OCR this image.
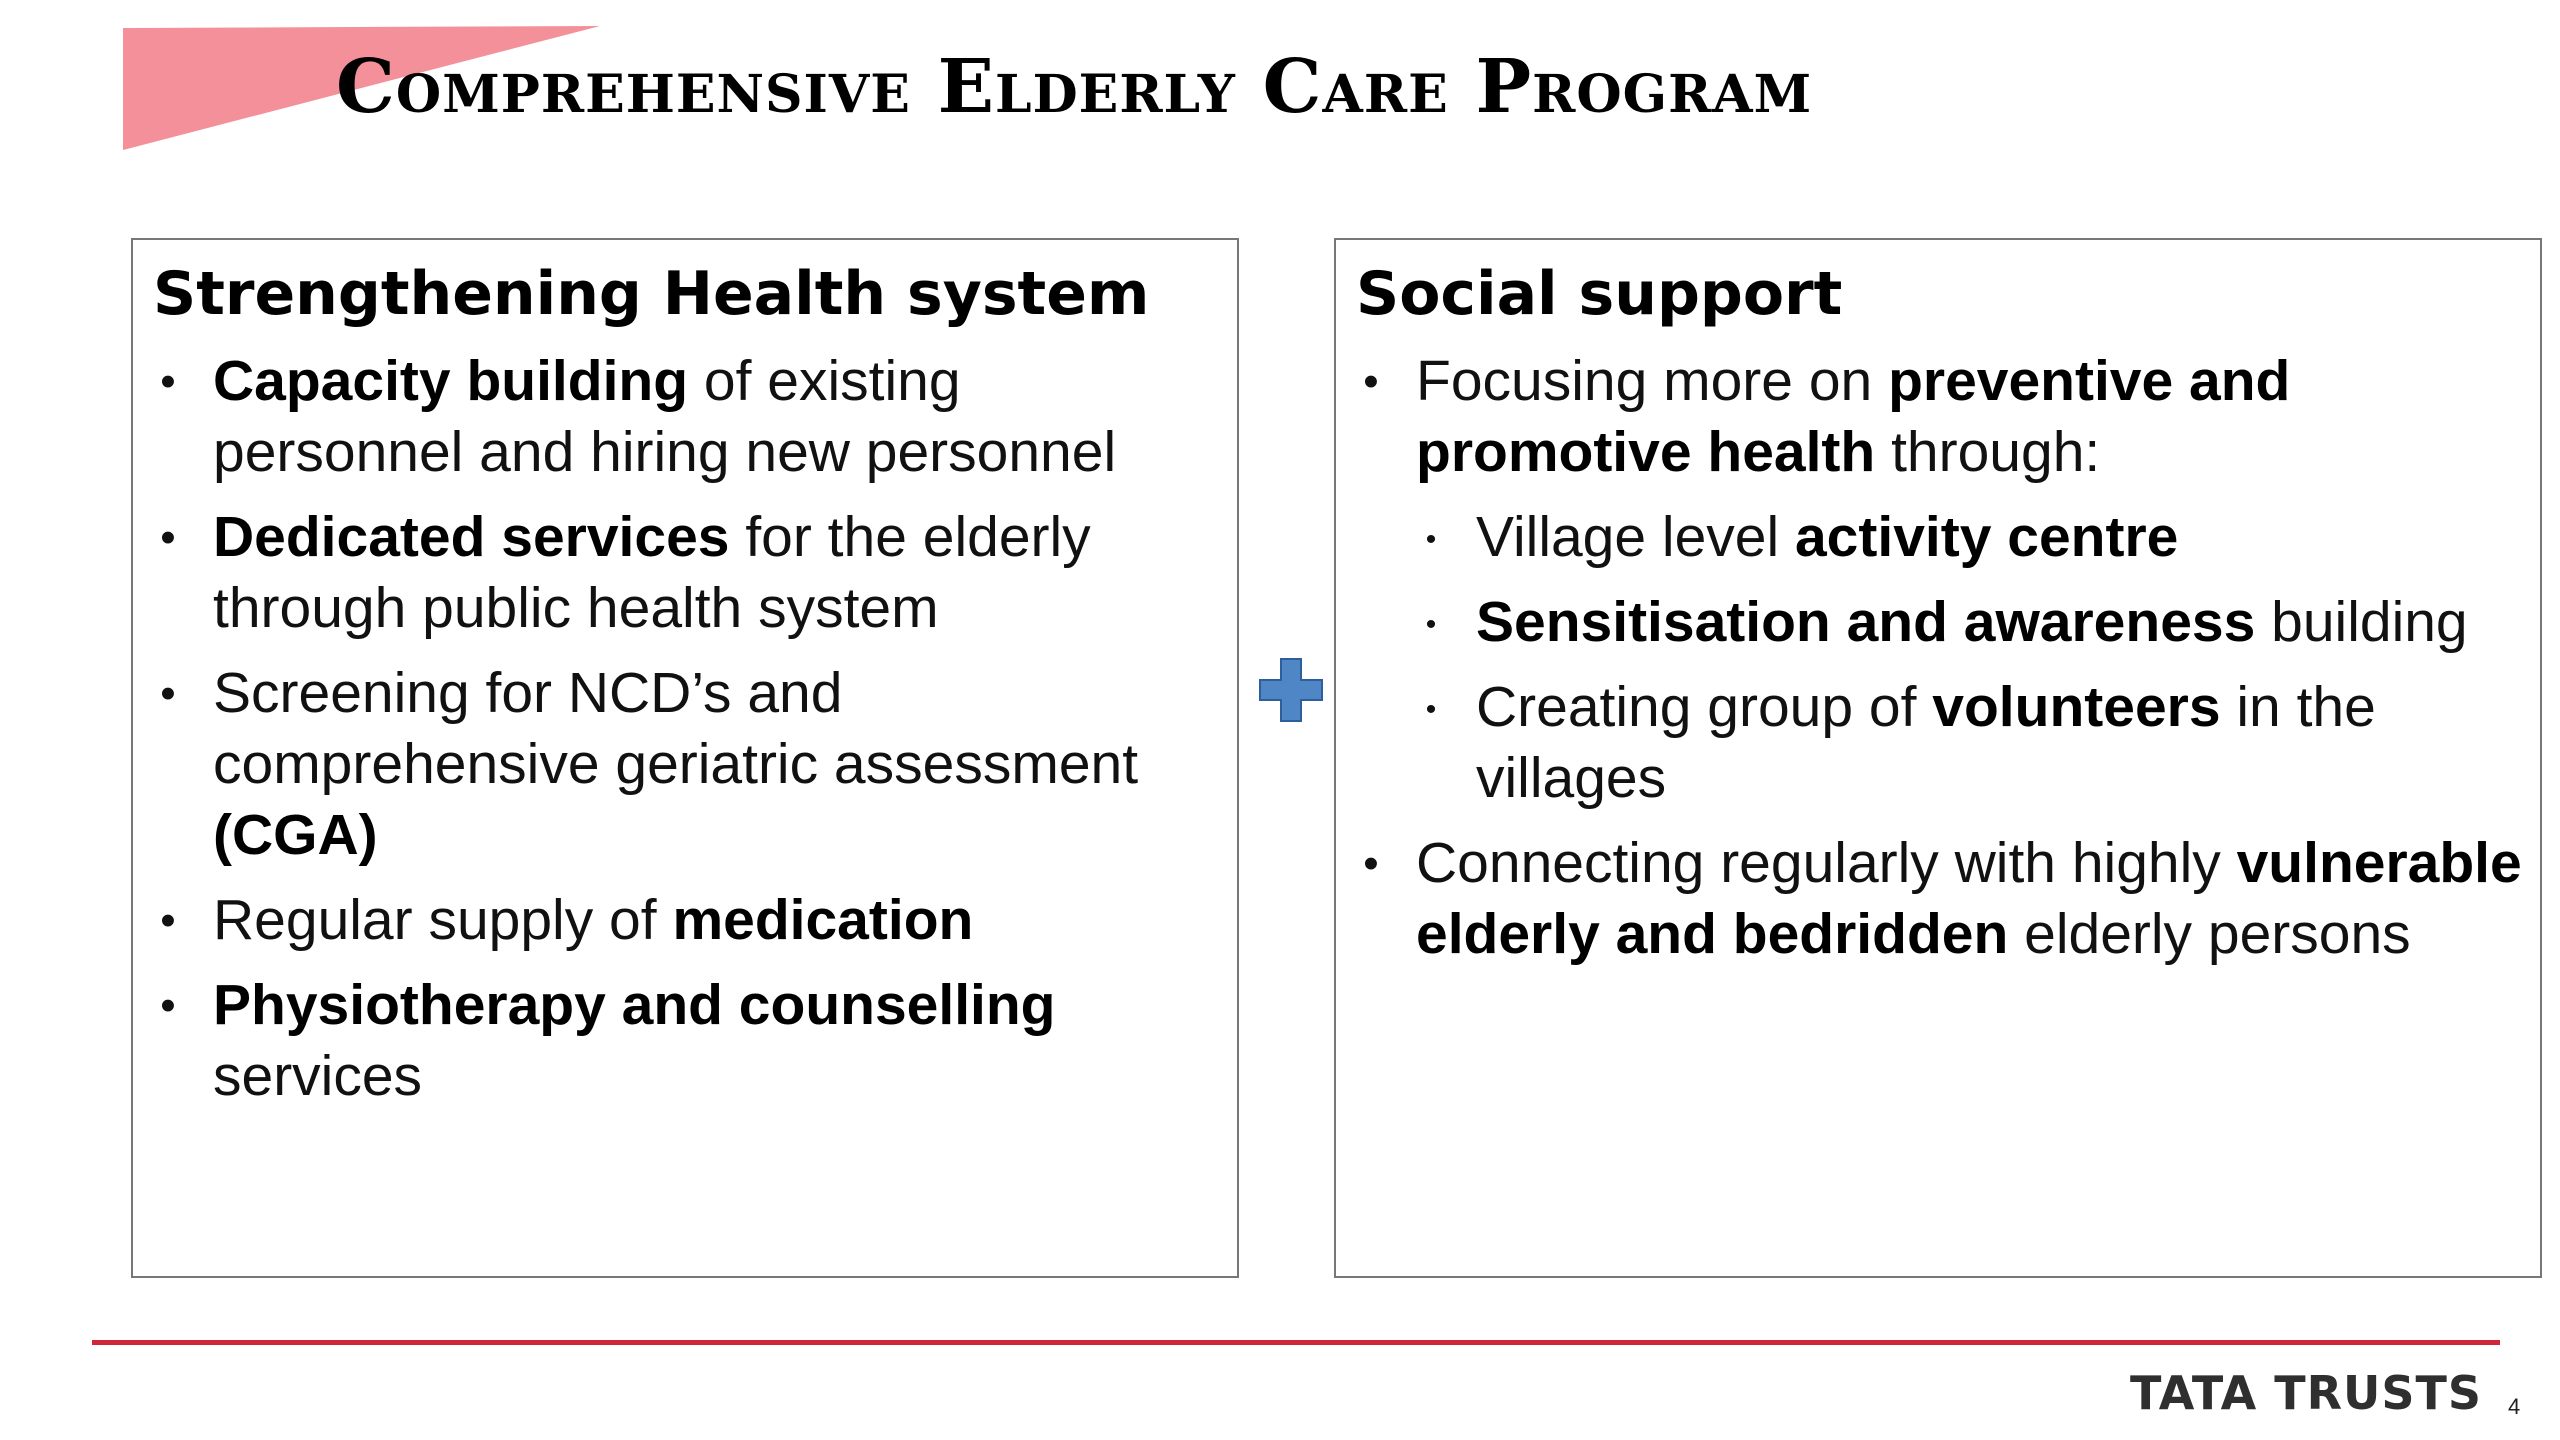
Comprehensive Elderly Care Program
Strengthening Health system
• Capacity building of existing personnel and hiring new personnel
• Dedicated services for the elderly through public health system
• Screening for NCD’s and comprehensive geriatric assessment (CGA)
• Regular supply of medication
• Physiotherapy and counselling services
Social support
• Focusing more on preventive and promotive health through:
• Village level activity centre
• Sensitisation and awareness building
• Creating group of volunteers in the villages
• Connecting regularly with highly vulnerable elderly and bedridden elderly persons
TATA TRUSTS 4
